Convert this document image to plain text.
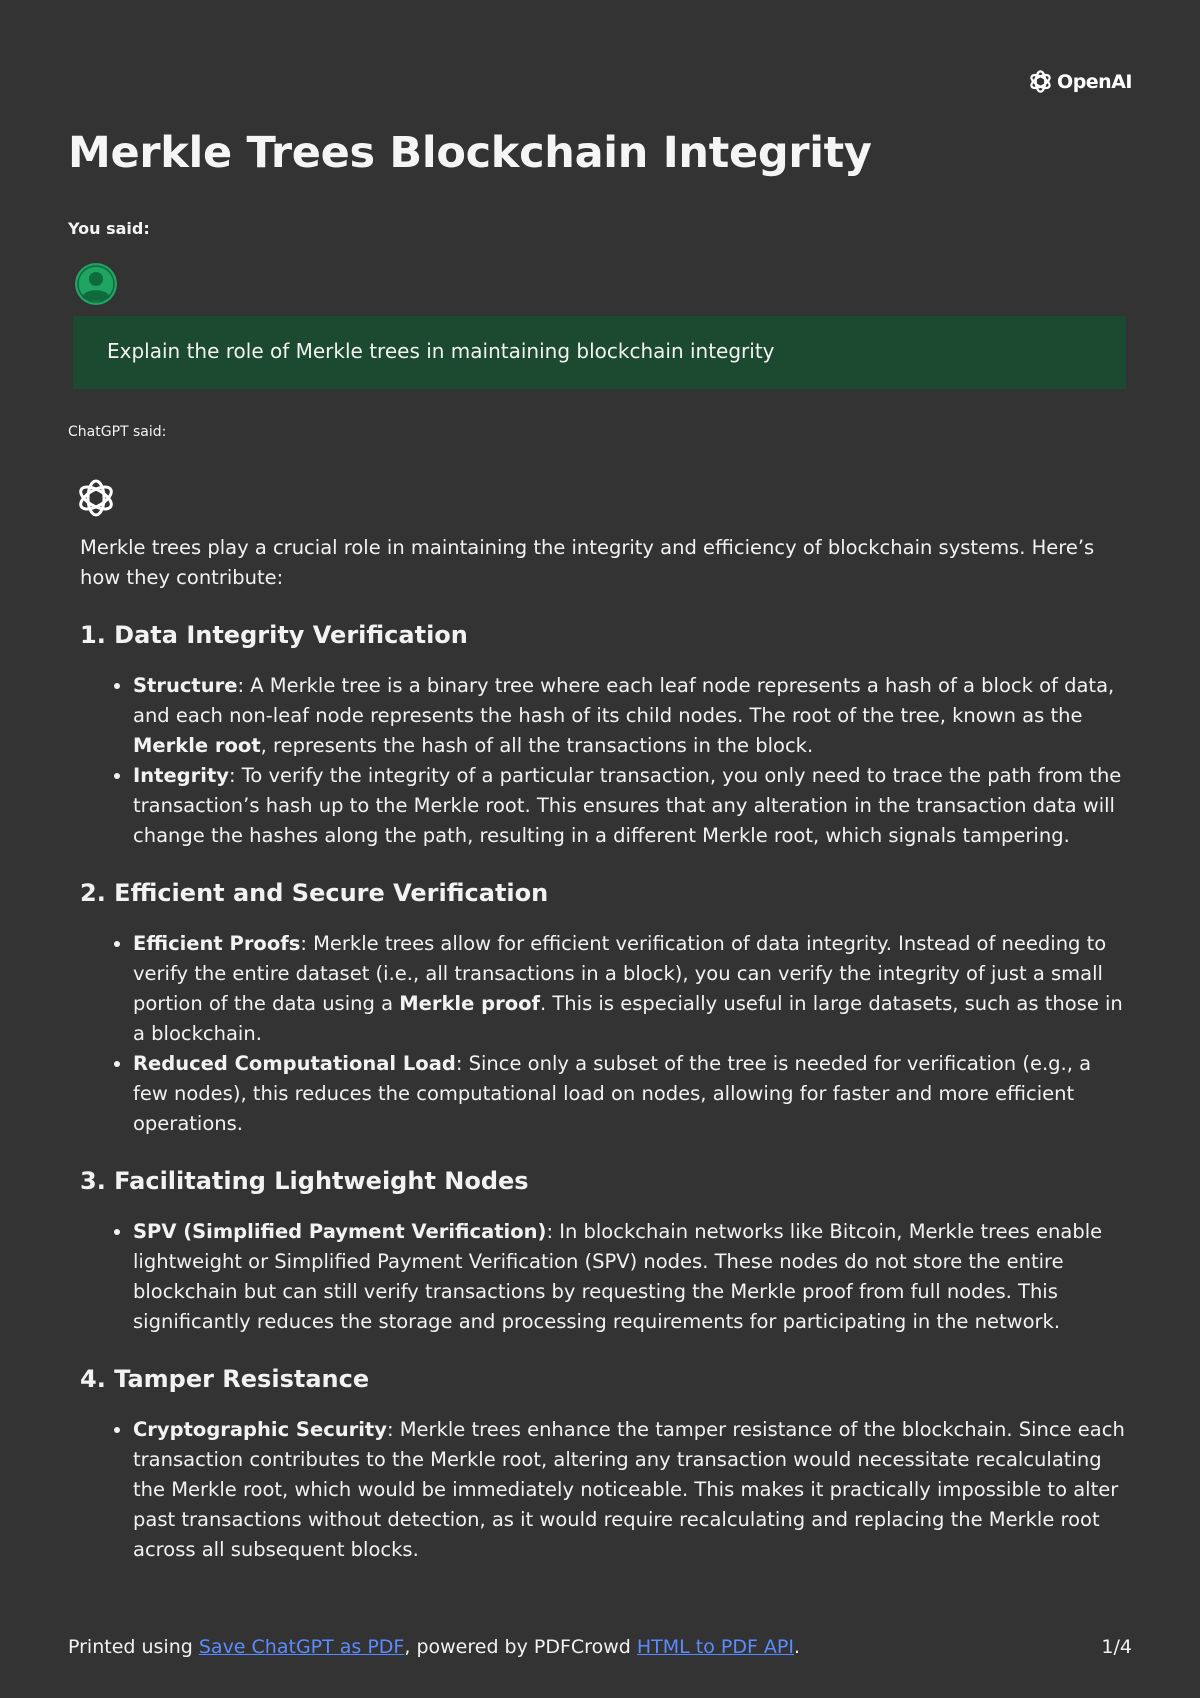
OpenAI
Merkle Trees Blockchain Integrity
You said:
Explain the role of Merkle trees in maintaining blockchain integrity
ChatGPT said:

Merkle trees play a crucial role in maintaining the integrity and efficiency of blockchain systems. Here’s how they contribute:

1. Data Integrity Verification
• Structure: A Merkle tree is a binary tree where each leaf node represents a hash of a block of data, and each non-leaf node represents the hash of its child nodes. The root of the tree, known as the Merkle root, represents the hash of all the transactions in the block.
• Integrity: To verify the integrity of a particular transaction, you only need to trace the path from the transaction’s hash up to the Merkle root. This ensures that any alteration in the transaction data will change the hashes along the path, resulting in a different Merkle root, which signals tampering.
2. Efficient and Secure Verification
• Efficient Proofs: Merkle trees allow for efficient verification of data integrity. Instead of needing to verify the entire dataset (i.e., all transactions in a block), you can verify the integrity of just a small portion of the data using a Merkle proof. This is especially useful in large datasets, such as those in a blockchain.
• Reduced Computational Load: Since only a subset of the tree is needed for verification (e.g., a few nodes), this reduces the computational load on nodes, allowing for faster and more efficient operations.
3. Facilitating Lightweight Nodes
• SPV (Simplified Payment Verification): In blockchain networks like Bitcoin, Merkle trees enable lightweight or Simplified Payment Verification (SPV) nodes. These nodes do not store the entire blockchain but can still verify transactions by requesting the Merkle proof from full nodes. This significantly reduces the storage and processing requirements for participating in the network.
4. Tamper Resistance
• Cryptographic Security: Merkle trees enhance the tamper resistance of the blockchain. Since each transaction contributes to the Merkle root, altering any transaction would necessitate recalculating the Merkle root, which would be immediately noticeable. This makes it practically impossible to alter past transactions without detection, as it would require recalculating and replacing the Merkle root across all subsequent blocks.
Printed using Save ChatGPT as PDF, powered by PDFCrowd HTML to PDF API.	1/4
